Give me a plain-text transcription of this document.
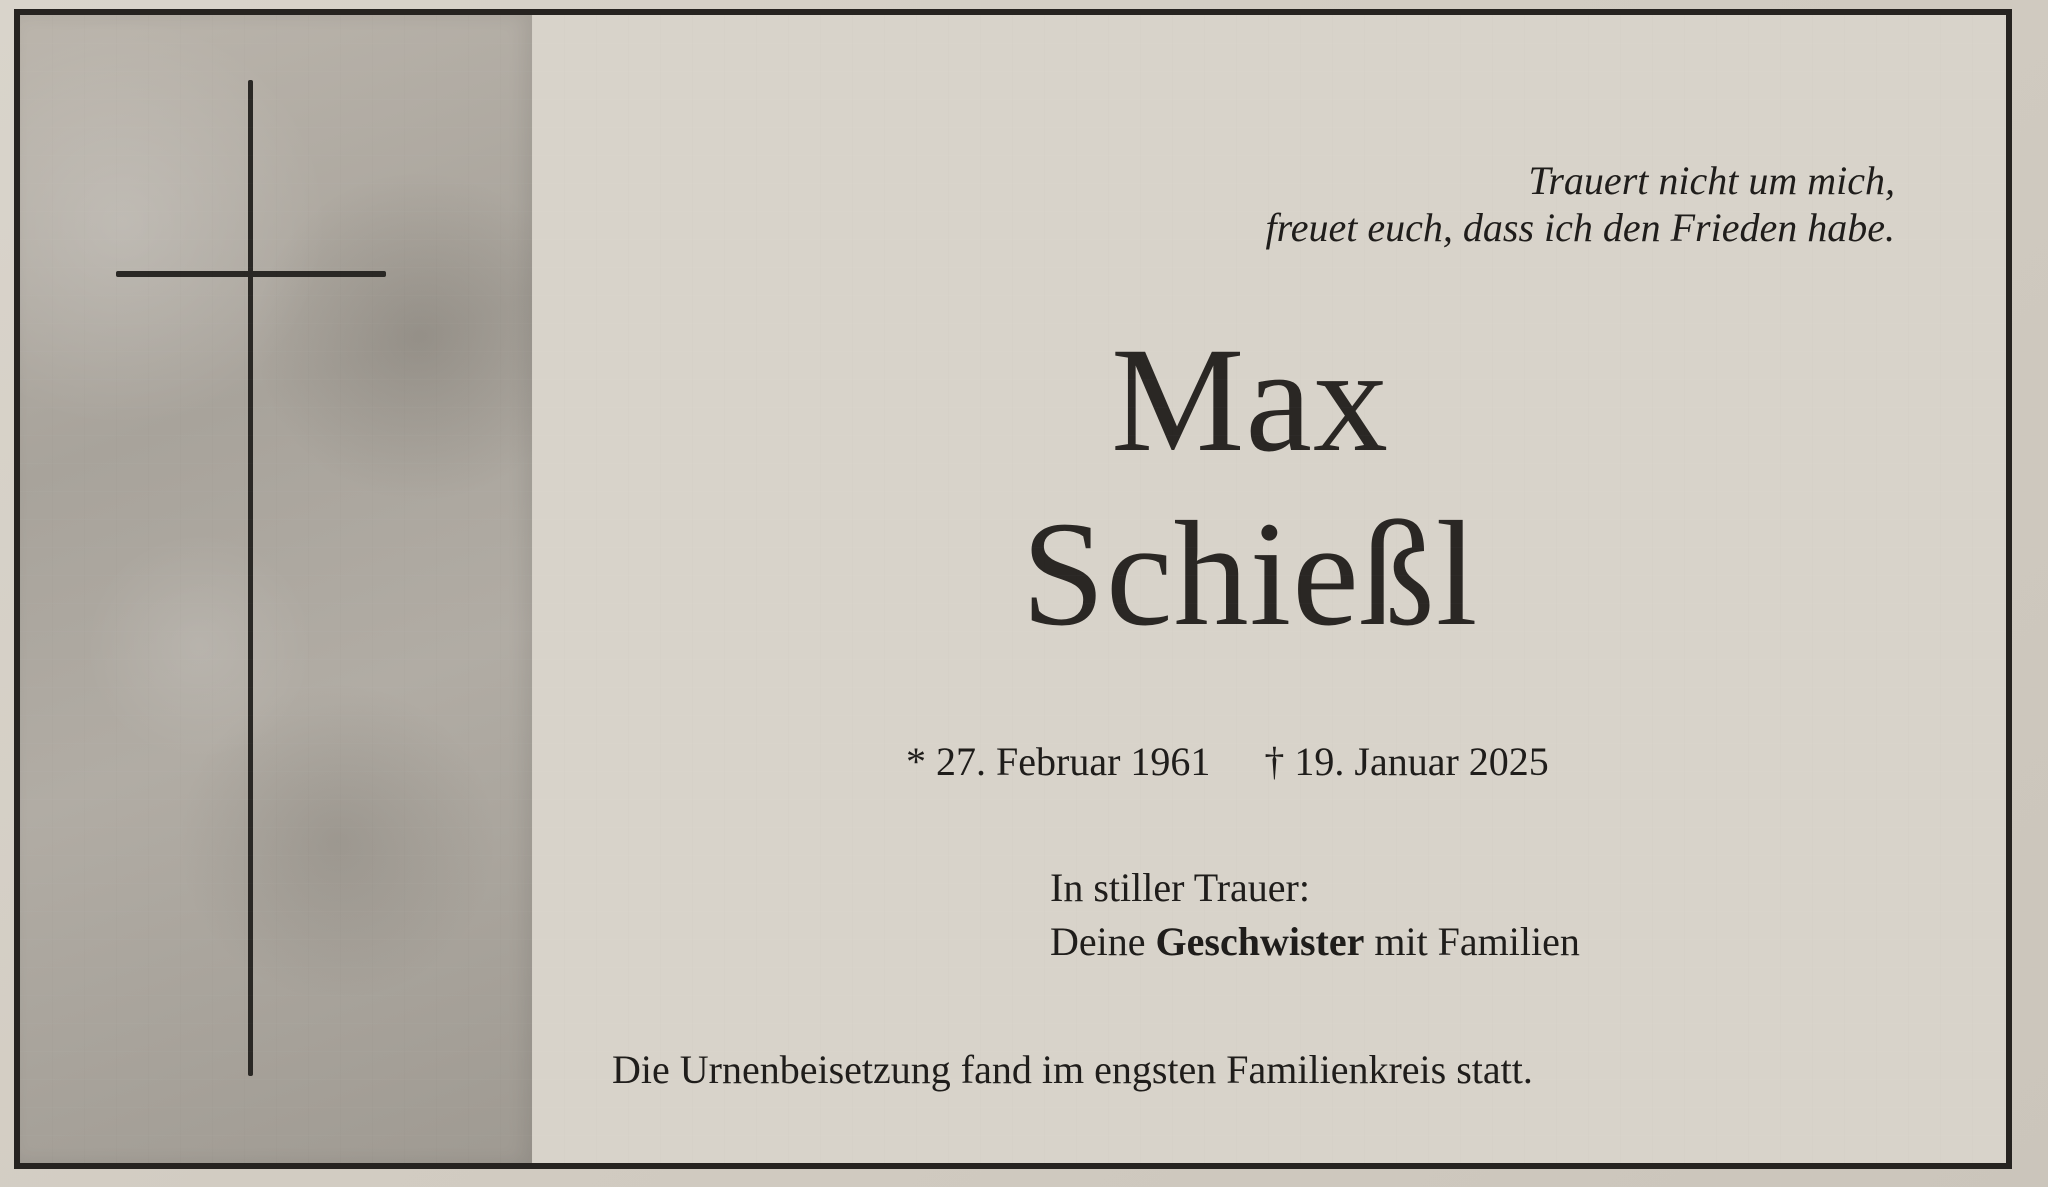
Trauert nicht um mich,
freuet euch, dass ich den Frieden habe.
Max
Schießl
* 27. Februar 1961 † 19. Januar 2025
In stiller Trauer:
Deine Geschwister mit Familien
Die Urnenbeisetzung fand im engsten Familienkreis statt.
